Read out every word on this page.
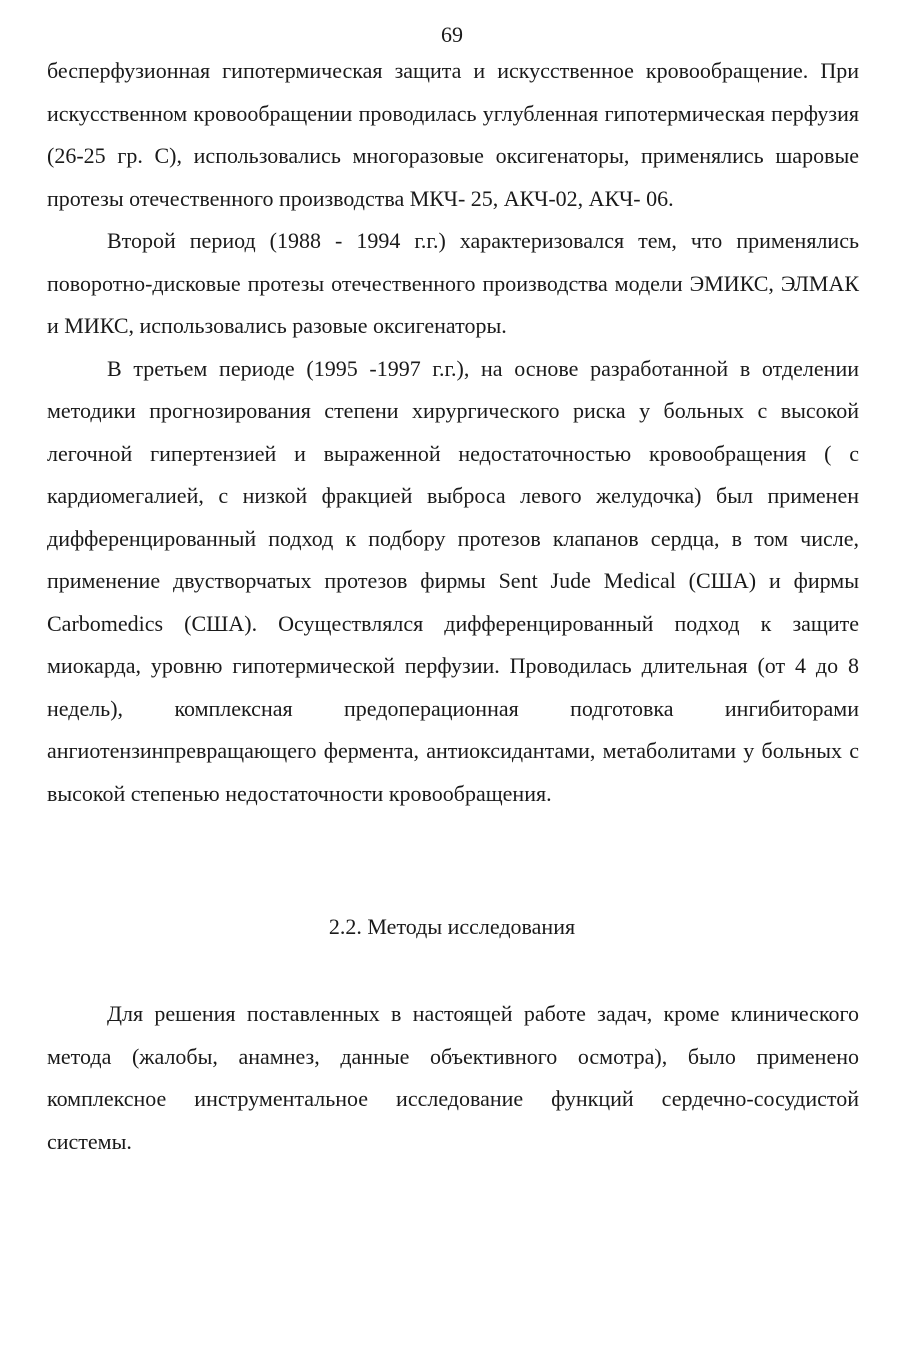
69

бесперфузионная гипотермическая защита и искусственное кровообращение. При искусственном кровообращении проводилась углубленная гипотермическая перфузия (26-25 гр. С), использовались многоразовые оксигенаторы, применялись шаровые протезы отечественного производства МКЧ- 25, АКЧ-02, АКЧ- 06.

Второй период (1988 - 1994 г.г.) характеризовался тем, что применялись поворотно-дисковые протезы отечественного производства модели ЭМИКС, ЭЛМАК и МИКС, использовались разовые оксигенаторы.

В третьем периоде (1995 -1997 г.г.), на основе разработанной в отделении методики прогнозирования степени хирургического риска у больных с высокой легочной гипертензией и выраженной недостаточностью кровообращения ( с кардиомегалией, с низкой фракцией выброса левого желудочка) был применен дифференцированный подход к подбору протезов клапанов сердца, в том числе, применение двустворчатых протезов фирмы Sent Jude Medical (США) и фирмы Carbomedics (США). Осуществлялся дифференцированный подход к защите миокарда, уровню гипотермической перфузии. Проводилась длительная (от 4 до 8 недель), комплексная предоперационная подготовка ингибиторами ангиотензинпревращающего фермента, антиоксидантами, метаболитами у больных с высокой степенью недостаточности кровообращения.

2.2. Методы исследования

Для решения поставленных в настоящей работе задач, кроме клинического метода (жалобы, анамнез, данные объективного осмотра), было применено комплексное инструментальное исследование функций сердечно-сосудистой системы.
